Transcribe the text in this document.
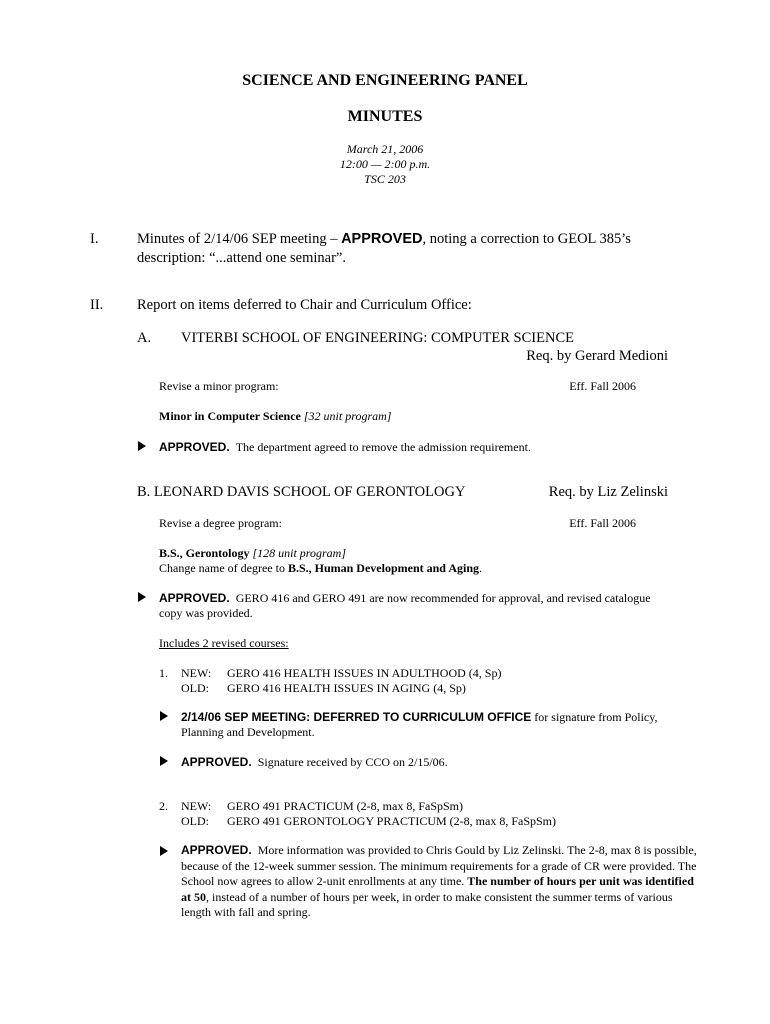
SCIENCE AND ENGINEERING PANEL
MINUTES
March 21, 2006
12:00 — 2:00 p.m.
TSC 203
I.	Minutes of 2/14/06 SEP meeting – APPROVED, noting a correction to GEOL 385’s
description: “...attend one seminar”.
II. Report on items deferred to Chair and Curriculum Office:
A. VITERBI SCHOOL OF ENGINEERING: COMPUTER SCIENCE
Req. by Gerard Medioni
Revise a minor program:	Eff. Fall 2006
Minor in Computer Science [32 unit program]
APPROVED. The department agreed to remove the admission requirement.
B. LEONARD DAVIS SCHOOL OF GERONTOLOGY	Req. by Liz Zelinski
Revise a degree program:	Eff. Fall 2006
B.S., Gerontology [128 unit program]
Change name of degree to B.S., Human Development and Aging.
APPROVED. GERO 416 and GERO 491 are now recommended for approval, and revised catalogue
copy was provided.
Includes 2 revised courses:
1. NEW: GERO 416 HEALTH ISSUES IN ADULTHOOD (4, Sp)
OLD: GERO 416 HEALTH ISSUES IN AGING (4, Sp)
2/14/06 SEP MEETING: DEFERRED TO CURRICULUM OFFICE for signature from Policy,
Planning and Development.
APPROVED. Signature received by CCO on 2/15/06.
2. NEW: GERO 491 PRACTICUM (2-8, max 8, FaSpSm)
OLD: GERO 491 GERONTOLOGY PRACTICUM (2-8, max 8, FaSpSm)
APPROVED. More information was provided to Chris Gould by Liz Zelinski. The 2-8, max 8 is possible, because of the 12-week summer session. The minimum requirements for a grade of CR were provided. The School now agrees to allow 2-unit enrollments at any time. The number of hours per unit was identified at 50, instead of a number of hours per week, in order to make consistent the summer terms of various length with fall and spring.
